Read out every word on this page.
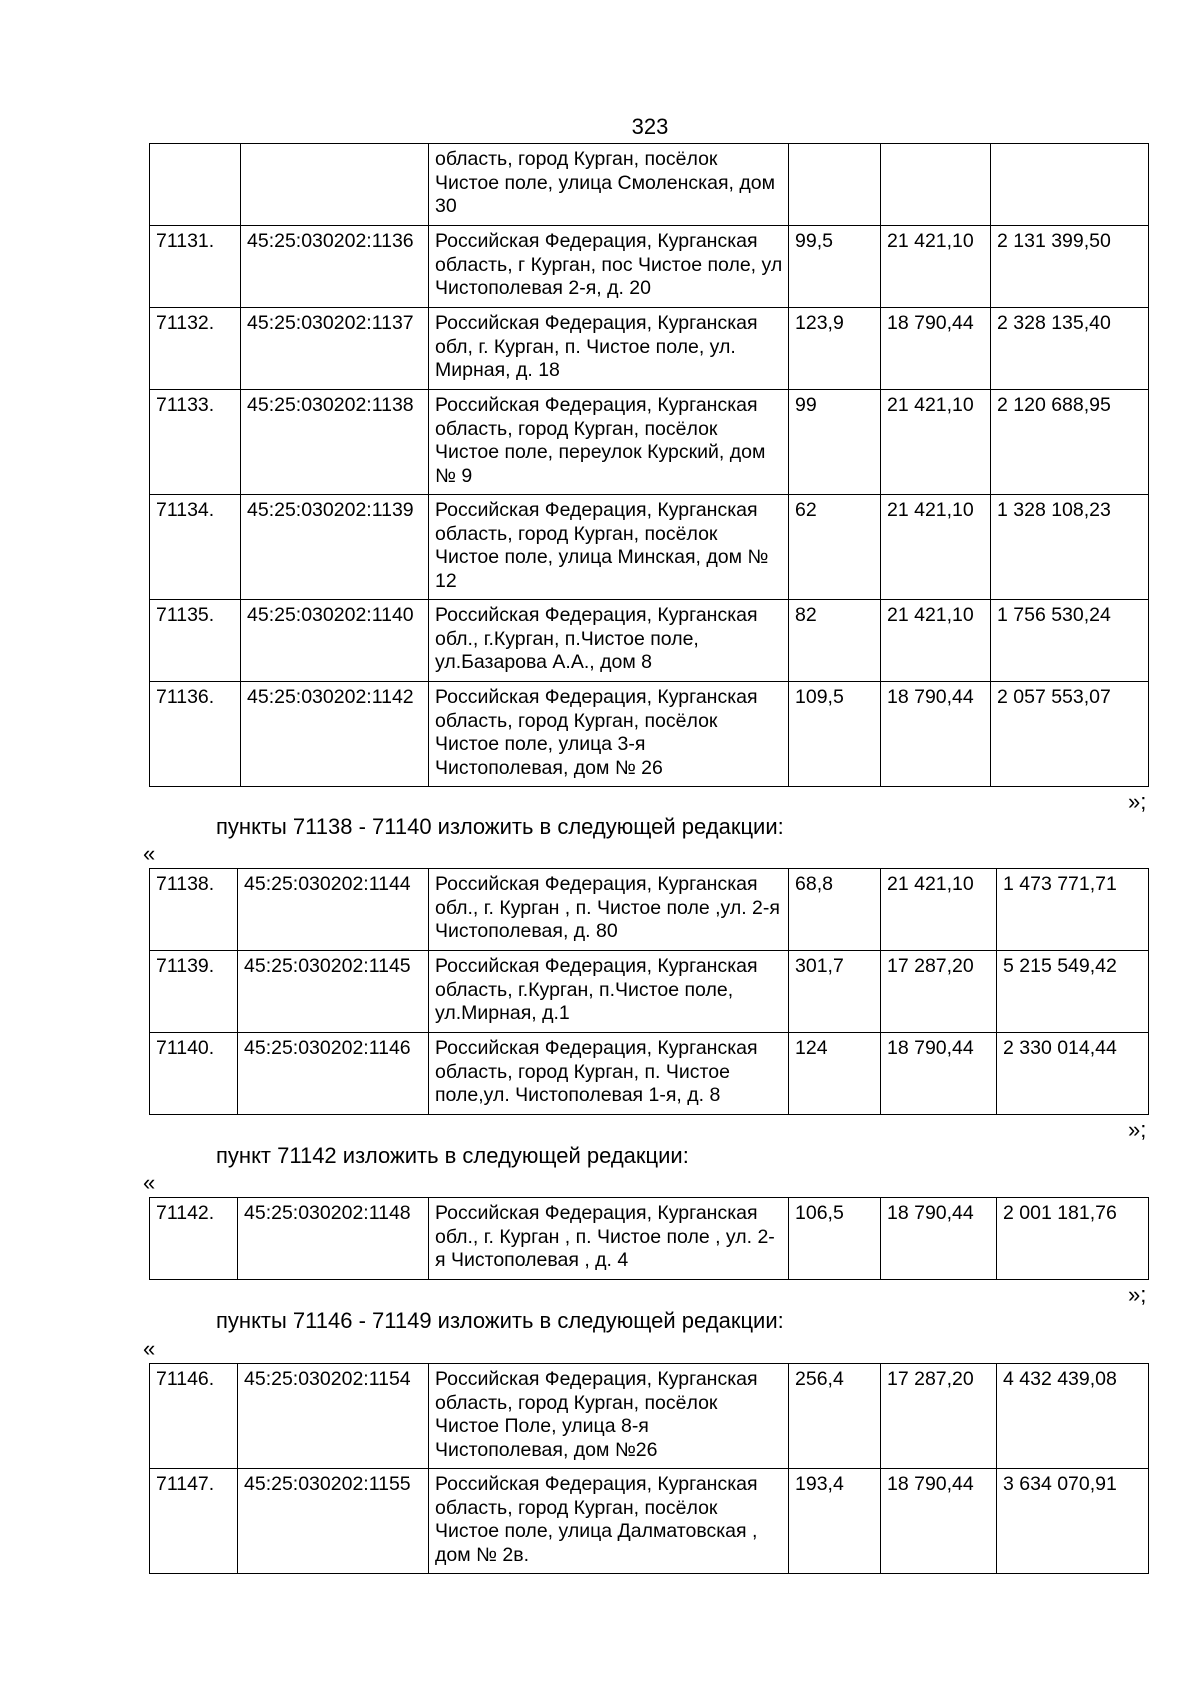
323
		область, город Курган, посёлок Чистое поле, улица Смоленская, дом 30			
71131.	45:25:030202:1136	Российская Федерация, Курганская область, г Курган, пос Чистое поле, ул Чистополевая 2-я, д. 20	99,5	21 421,10	2 131 399,50
71132.	45:25:030202:1137	Российская Федерация, Курганская обл, г. Курган, п. Чистое поле, ул. Мирная, д. 18	123,9	18 790,44	2 328 135,40
71133.	45:25:030202:1138	Российская Федерация, Курганская область, город Курган, посёлок Чистое поле, переулок Курский, дом № 9	99	21 421,10	2 120 688,95
71134.	45:25:030202:1139	Российская Федерация, Курганская область, город Курган, посёлок Чистое поле, улица Минская, дом № 12	62	21 421,10	1 328 108,23
71135.	45:25:030202:1140	Российская Федерация, Курганская обл., г.Курган, п.Чистое поле, ул.Базарова А.А., дом 8	82	21 421,10	1 756 530,24
71136.	45:25:030202:1142	Российская Федерация, Курганская область, город Курган, посёлок Чистое поле, улица 3-я Чистополевая, дом № 26	109,5	18 790,44	2 057 553,07
»;
пункты 71138 - 71140 изложить в следующей редакции:
«
71138.	45:25:030202:1144	Российская Федерация, Курганская обл., г. Курган , п. Чистое поле ,ул. 2-я Чистополевая, д. 80	68,8	21 421,10	1 473 771,71
71139.	45:25:030202:1145	Российская Федерация, Курганская область, г.Курган, п.Чистое поле, ул.Мирная, д.1	301,7	17 287,20	5 215 549,42
71140.	45:25:030202:1146	Российская Федерация, Курганская область, город Курган, п. Чистое поле,ул. Чистополевая 1-я, д. 8	124	18 790,44	2 330 014,44
»;
пункт 71142 изложить в следующей редакции:
«
71142.	45:25:030202:1148	Российская Федерация, Курганская обл., г. Курган , п. Чистое поле , ул. 2-я Чистополевая , д. 4	106,5	18 790,44	2 001 181,76
»;
пункты 71146 - 71149 изложить в следующей редакции:
«
71146.	45:25:030202:1154	Российская Федерация, Курганская область, город Курган, посёлок Чистое Поле, улица 8-я Чистополевая, дом №26	256,4	17 287,20	4 432 439,08
71147.	45:25:030202:1155	Российская Федерация, Курганская область, город Курган, посёлок Чистое поле, улица Далматовская , дом № 2в.	193,4	18 790,44	3 634 070,91
